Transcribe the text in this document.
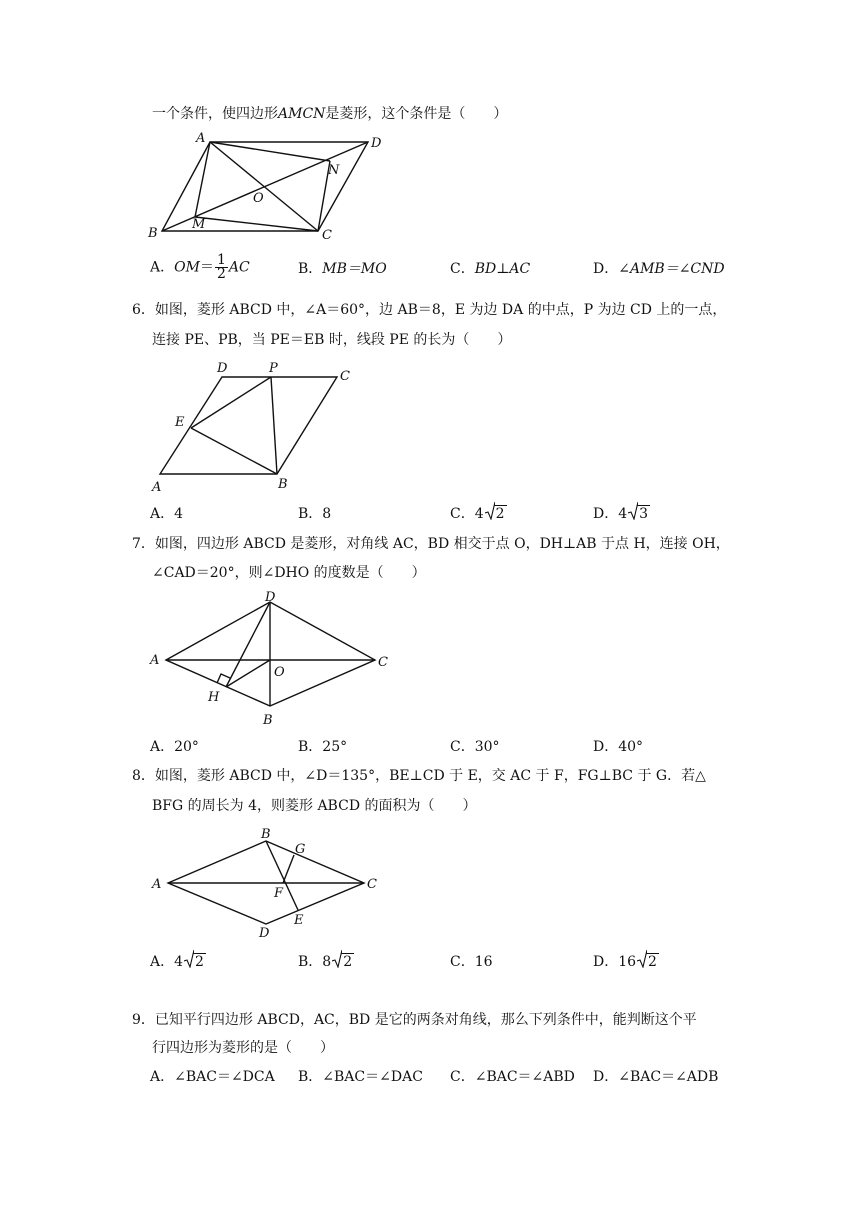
一个条件，使四边形AMCN是菱形，这个条件是（　　）
A	D
N
O
B
M
C
A．$OM= \frac{1}{2}$ AC	B．MB＝MO	C．BD⊥AC	D．∠AMB＝∠CND
6．如图，菱形 ABCD 中，∠A＝60°，边 AB＝8，E 为边 DA 的中点，P 为边 CD 上的一点，
连接 PE、PB，当 PE＝EB 时，线段 PE 的长为（　　）
D	P
C
E
A	B
A．4	B．8	C．4 2	D．4 3
7．如图，四边形 ABCD 是菱形，对角线 AC，BD 相交于点 O，DH⊥AB 于点 H，连接 OH，
∠CAD＝20°，则∠DHO 的度数是（　　）
D
A
O
C
H
B
A．20°	B．25°	C．30°	D．40°
8．如图，菱形 ABCD 中，∠D＝135°，BE⊥CD 于 E，交 AC 于 F，FG⊥BC 于 G．若△
BFG 的周长为 4，则菱形 ABCD 的面积为（　　）
B
G
A	C
F
E
D
A．4 2	B．8 2	C．16	D．16 2
9．已知平行四边形 ABCD，AC，BD 是它的两条对角线，那么下列条件中，能判断这个平
行四边形为菱形的是（　　）
A．∠BAC＝∠DCA B．∠BAC＝∠DAC C．∠BAC＝∠ABD D．∠BAC＝∠ADB
